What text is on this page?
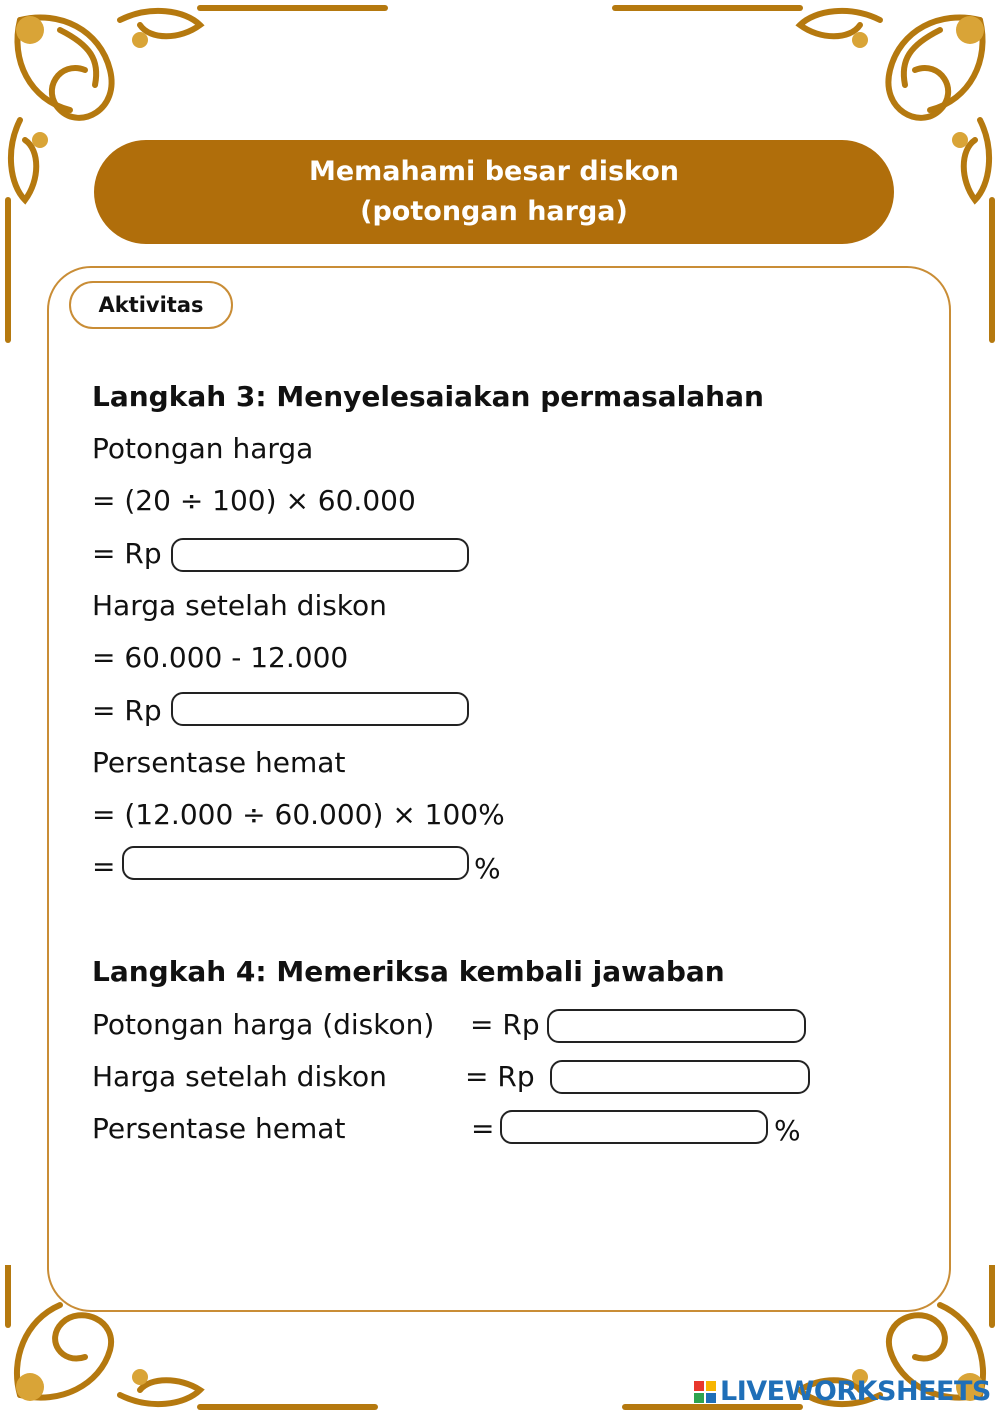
Memahami besar diskon
(potongan harga)
Aktivitas
Langkah 3: Menyelesaiakan permasalahan
Potongan harga
= (20 ÷ 100) × 60.000
= Rp
Harga setelah diskon
= 60.000 - 12.000
= Rp
Persentase hemat
= (12.000 ÷ 60.000) × 100%
=	%
Langkah 4: Memeriksa kembali jawaban
Potongan harga (diskon) = Rp
Harga setelah diskon	= Rp
Persentase hemat	=	%
LIVEWORKSHEETS
